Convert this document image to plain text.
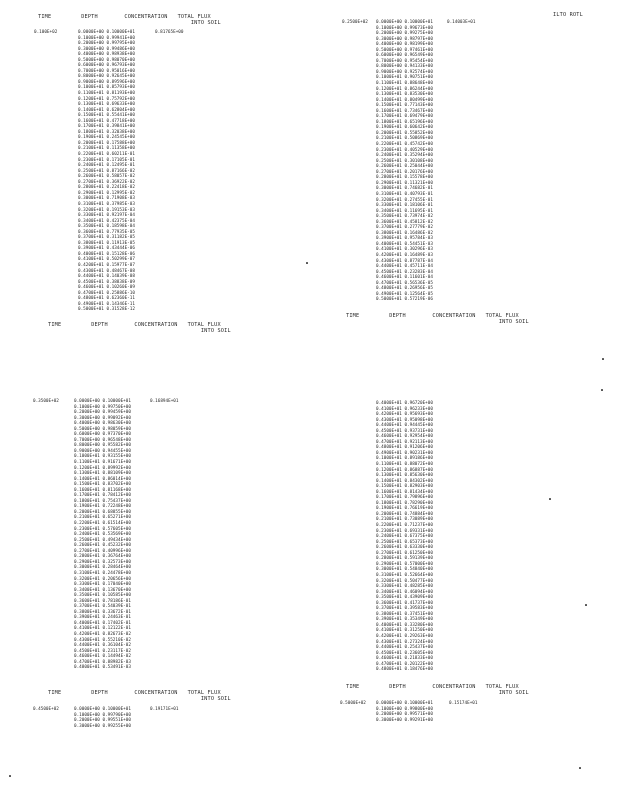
ILTO ROTL
TIME         DEPTH        CONCENTRATION   TOTAL FLUX
INTO SOIL
0.100E+02	0.81765E+00
0.0000E+00 0.10000E+01
0.1000E+00 0.99941E+00
0.2000E+00 0.99795E+00
0.3000E+00 0.99486E+00
0.4000E+00 0.98938E+00
0.5000E+00 0.98070E+00
0.6000E+00 0.96793E+00
0.7000E+00 0.95016E+00
0.8000E+00 0.92645E+00
0.9000E+00 0.89596E+00
0.1000E+01 0.85793E+00
0.1100E+01 0.81193E+00
0.1200E+01 0.75792E+00
0.1300E+01 0.69633E+00
0.1400E+01 0.62804E+00
0.1500E+01 0.55441E+00
0.1600E+01 0.47718E+00
0.1700E+01 0.39841E+00
0.1800E+01 0.32038E+00
0.1900E+01 0.24545E+00
0.2000E+01 0.17588E+00
0.2100E+01 0.11358E+00
0.2200E+01 0.60211E-01
0.2300E+01 0.17105E-01
0.2400E+01 0.12495E-01
0.2500E+01 0.87166E-02
0.2600E+01 0.58057E-02
0.2700E+01 0.36922E-02
0.2800E+01 0.22418E-02
0.2900E+01 0.12995E-02
0.3000E+01 0.71908E-03
0.3100E+01 0.37985E-03
0.3200E+01 0.19153E-03
0.3300E+01 0.92197E-04
0.3400E+01 0.42375E-04
0.3500E+01 0.18598E-04
0.3600E+01 0.77935E-05
0.3700E+01 0.31182E-05
0.3800E+01 0.11913E-05
0.3900E+01 0.43444E-06
0.4000E+01 0.15128E-06
0.4100E+01 0.50299E-07
0.4200E+01 0.15977E-07
0.4300E+01 0.48467E-08
0.4400E+01 0.14039E-08
0.4500E+01 0.38838E-09
0.4600E+01 0.10260E-09
0.4700E+01 0.25886E-10
0.4800E+01 0.62360E-11
0.4900E+01 0.14346E-11
0.5000E+01 0.31528E-12
TIME         DEPTH        CONCENTRATION   TOTAL FLUX
INTO SOIL
0.2500E+02	0.14003E+01
0.0000E+00 0.10000E+01
0.1000E+00 0.99673E+00
0.2000E+00 0.99275E+00
0.3000E+00 0.98797E+00
0.4000E+00 0.98199E+00
0.5000E+00 0.97461E+00
0.6000E+00 0.96549E+00
0.7000E+00 0.95454E+00
0.8000E+00 0.94133E+00
0.9000E+00 0.92574E+00
0.1000E+01 0.90751E+00
0.1100E+01 0.88648E+00
0.1200E+01 0.86244E+00
0.1300E+01 0.83530E+00
0.1400E+01 0.80499E+00
0.1500E+01 0.77143E+00
0.1600E+01 0.73467E+00
0.1700E+01 0.69479E+00
0.1800E+01 0.65196E+00
0.1900E+01 0.60642E+00
0.2000E+01 0.55852E+00
0.2100E+01 0.50869E+00
0.2200E+01 0.45742E+00
0.2300E+01 0.40529E+00
0.2400E+01 0.35294E+00
0.2500E+01 0.30108E+00
0.2600E+01 0.25044E+00
0.2700E+01 0.20176E+00
0.2800E+01 0.15578E+00
0.2900E+01 0.11321E+00
0.3000E+01 0.74682E-01
0.3100E+01 0.40793E-01
0.3200E+01 0.27455E-01
0.3300E+01 0.18106E-01
0.3400E+01 0.11695E-01
0.3500E+01 0.73974E-02
0.3600E+01 0.45812E-02
0.3700E+01 0.27779E-02
0.3800E+01 0.16486E-02
0.3900E+01 0.95784E-03
0.4000E+01 0.54451E-03
0.4100E+01 0.30296E-03
0.4200E+01 0.16489E-03
0.4300E+01 0.87787E-04
0.4400E+01 0.45711E-04
0.4500E+01 0.23283E-04
0.4600E+01 0.11601E-04
0.4700E+01 0.56536E-05
0.4800E+01 0.26956E-05
0.4900E+01 0.12564E-05
0.5000E+01 0.57219E-06
TIME         DEPTH        CONCENTRATION   TOTAL FLUX
INTO SOIL
0.3500E+02	0.16894E+01
0.0000E+00 0.10000E+01
0.1000E+00 0.99750E+00
0.2000E+00 0.99459E+00
0.3000E+00 0.99092E+00
0.4000E+00 0.98630E+00
0.5000E+00 0.98059E+00
0.6000E+00 0.97370E+00
0.7000E+00 0.96548E+00
0.8000E+00 0.95582E+00
0.9000E+00 0.94455E+00
0.1000E+01 0.93155E+00
0.1100E+01 0.91671E+00
0.1200E+01 0.89992E+00
0.1300E+01 0.88109E+00
0.1400E+01 0.86014E+00
0.1500E+01 0.83702E+00
0.1600E+01 0.81168E+00
0.1700E+01 0.78412E+00
0.1800E+01 0.75437E+00
0.1900E+01 0.72248E+00
0.2000E+01 0.68855E+00
0.2100E+01 0.65271E+00
0.2200E+01 0.61514E+00
0.2300E+01 0.57605E+00
0.2400E+01 0.53569E+00
0.2500E+01 0.49434E+00
0.2600E+01 0.45232E+00
0.2700E+01 0.40996E+00
0.2800E+01 0.36764E+00
0.2900E+01 0.32573E+00
0.3000E+01 0.28464E+00
0.3100E+01 0.24478E+00
0.3200E+01 0.20656E+00
0.3300E+01 0.17040E+00
0.3400E+01 0.13670E+00
0.3500E+01 0.10585E+00
0.3600E+01 0.78186E-01
0.3700E+01 0.54039E-01
0.3800E+01 0.33672E-01
0.3900E+01 0.24463E-01
0.4000E+01 0.17402E-01
0.4100E+01 0.12122E-01
0.4200E+01 0.82673E-02
0.4300E+01 0.55210E-02
0.4400E+01 0.36104E-02
0.4500E+01 0.23117E-02
0.4600E+01 0.14494E-02
0.4700E+01 0.88982E-03
0.4800E+01 0.53491E-03
TIME         DEPTH        CONCENTRATION   TOTAL FLUX
INTO SOIL
0.4500E+02	0.19171E+01
0.0000E+00 0.10000E+01
0.1000E+00 0.99790E+00
0.2000E+00 0.99551E+00
0.3000E+00 0.99255E+00
0.4000E+01 0.96720E+00
0.4100E+01 0.96233E+00
0.4200E+01 0.95693E+00
0.4300E+01 0.95098E+00
0.4400E+01 0.94445E+00
0.4500E+01 0.93731E+00
0.4600E+01 0.92954E+00
0.4700E+01 0.92113E+00
0.4800E+01 0.91206E+00
0.4900E+01 0.90231E+00
0.1000E+01 0.89186E+00
0.1100E+01 0.88072E+00
0.1200E+01 0.86887E+00
0.1300E+01 0.85630E+00
0.1400E+01 0.84302E+00
0.1500E+01 0.82903E+00
0.1600E+01 0.81434E+00
0.1700E+01 0.79896E+00
0.1800E+01 0.78290E+00
0.1900E+01 0.76619E+00
0.2000E+01 0.74884E+00
0.2100E+01 0.73089E+00
0.2200E+01 0.71237E+00
0.2300E+01 0.69331E+00
0.2400E+01 0.67375E+00
0.2500E+01 0.65373E+00
0.2600E+01 0.63330E+00
0.2700E+01 0.61250E+00
0.2800E+01 0.59139E+00
0.2900E+01 0.57000E+00
0.3000E+01 0.54840E+00
0.3100E+01 0.52664E+00
0.3200E+01 0.50477E+00
0.3300E+01 0.48285E+00
0.3400E+01 0.46094E+00
0.3500E+01 0.43909E+00
0.3600E+01 0.41737E+00
0.3700E+01 0.39583E+00
0.3800E+01 0.37451E+00
0.3900E+01 0.35349E+00
0.4000E+01 0.33280E+00
0.4100E+01 0.31250E+00
0.4200E+01 0.29263E+00
0.4300E+01 0.27324E+00
0.4400E+01 0.25437E+00
0.4500E+01 0.23605E+00
0.4600E+01 0.21833E+00
0.4700E+01 0.20122E+00
0.4800E+01 0.18476E+00
TIME         DEPTH        CONCENTRATION   TOTAL FLUX
INTO SOIL
0.5000E+02	0.15174E+01
0.0000E+00 0.10000E+01
0.1000E+00 0.99800E+00
0.2000E+00 0.99571E+00
0.3000E+00 0.99291E+00
